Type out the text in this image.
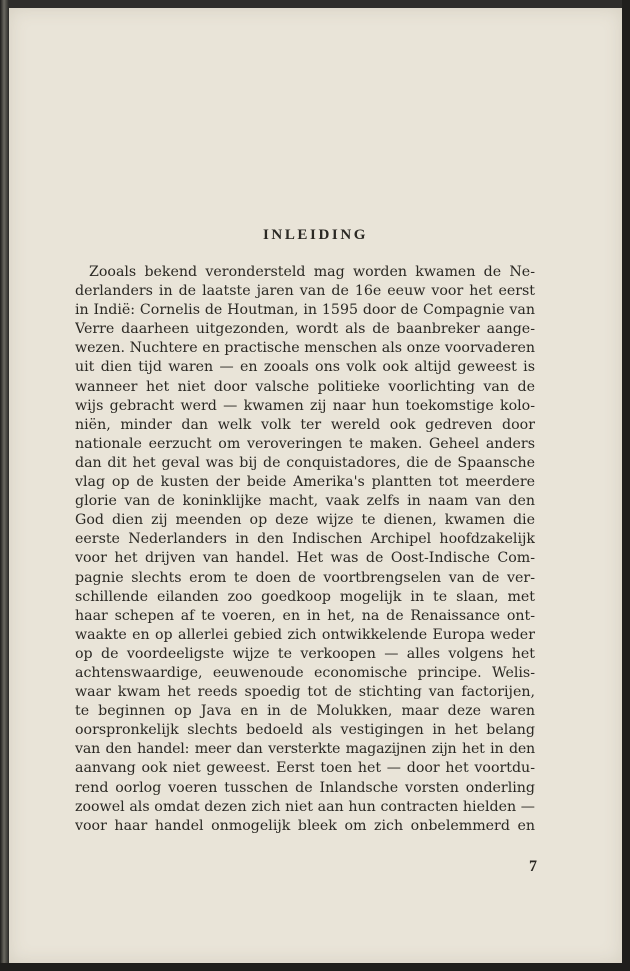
INLEIDING
Zooals bekend verondersteld mag worden kwamen de Ne-
derlanders in de laatste jaren van de 16e eeuw voor het eerst
in Indië: Cornelis de Houtman, in 1595 door de Compagnie van
Verre daarheen uitgezonden, wordt als de baanbreker aange-
wezen. Nuchtere en practische menschen als onze voorvaderen
uit dien tijd waren — en zooals ons volk ook altijd geweest is
wanneer het niet door valsche politieke voorlichting van de
wijs gebracht werd — kwamen zij naar hun toekomstige kolo-
niën, minder dan welk volk ter wereld ook gedreven door
nationale eerzucht om veroveringen te maken. Geheel anders
dan dit het geval was bij de conquistadores, die de Spaansche
vlag op de kusten der beide Amerika's plantten tot meerdere
glorie van de koninklijke macht, vaak zelfs in naam van den
God dien zij meenden op deze wijze te dienen, kwamen die
eerste Nederlanders in den Indischen Archipel hoofdzakelijk
voor het drijven van handel. Het was de Oost-Indische Com-
pagnie slechts erom te doen de voortbrengselen van de ver-
schillende eilanden zoo goedkoop mogelijk in te slaan, met
haar schepen af te voeren, en in het, na de Renaissance ont-
waakte en op allerlei gebied zich ontwikkelende Europa weder
op de voordeeligste wijze te verkoopen — alles volgens het
achtenswaardige, eeuwenoude economische principe. Welis-
waar kwam het reeds spoedig tot de stichting van factorijen,
te beginnen op Java en in de Molukken, maar deze waren
oorspronkelijk slechts bedoeld als vestigingen in het belang
van den handel: meer dan versterkte magazijnen zijn het in den
aanvang ook niet geweest. Eerst toen het — door het voortdu-
rend oorlog voeren tusschen de Inlandsche vorsten onderling
zoowel als omdat dezen zich niet aan hun contracten hielden —
voor haar handel onmogelijk bleek om zich onbelemmerd en
7
